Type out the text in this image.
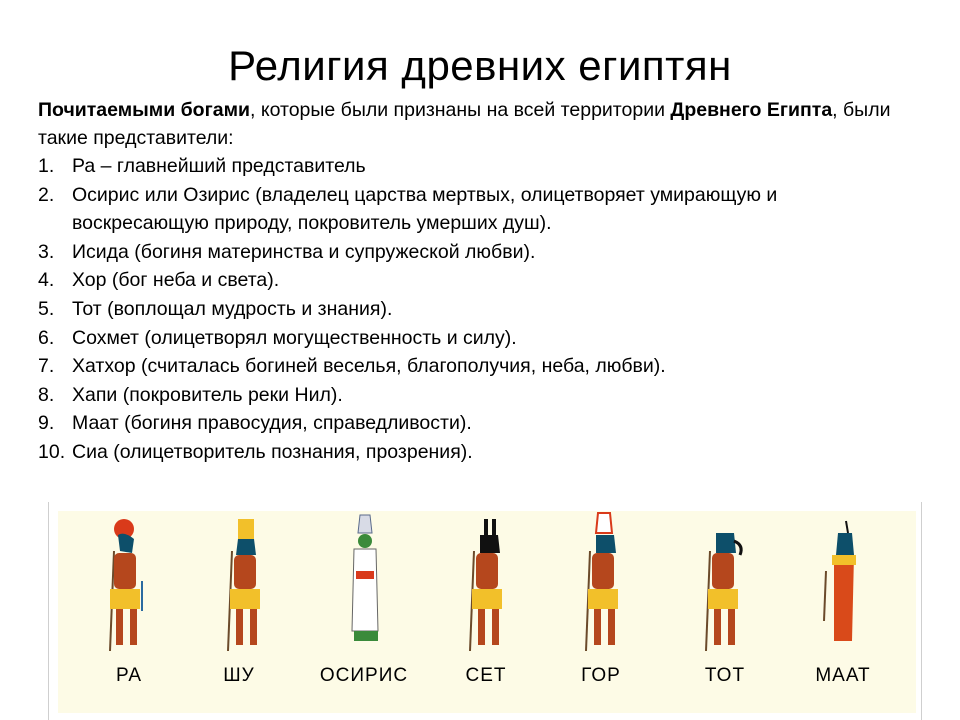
Религия древних египтян
Почитаемыми богами, которые были признаны на всей территории Древнего Египта, были такие представители:
1. Ра – главнейший представитель
2. Осирис или Озирис (владелец царства мертвых, олицетворяет умирающую и воскресающую природу, покровитель умерших душ).
3. Исида (богиня материнства и супружеской любви).
4. Хор (бог неба и света).
5. Тот (воплощал мудрость и знания).
6. Сохмет (олицетворял могущественность и силу).
7. Хатхор (считалась богиней веселья, благополучия, неба, любви).
8. Хапи (покровитель реки Нил).
9. Маат (богиня правосудия, справедливости).
10. Сиа (олицетворитель познания, прозрения).
РА	ШУ	ОСИРИС	СЕТ	ГОР	ТОТ	МААТ
